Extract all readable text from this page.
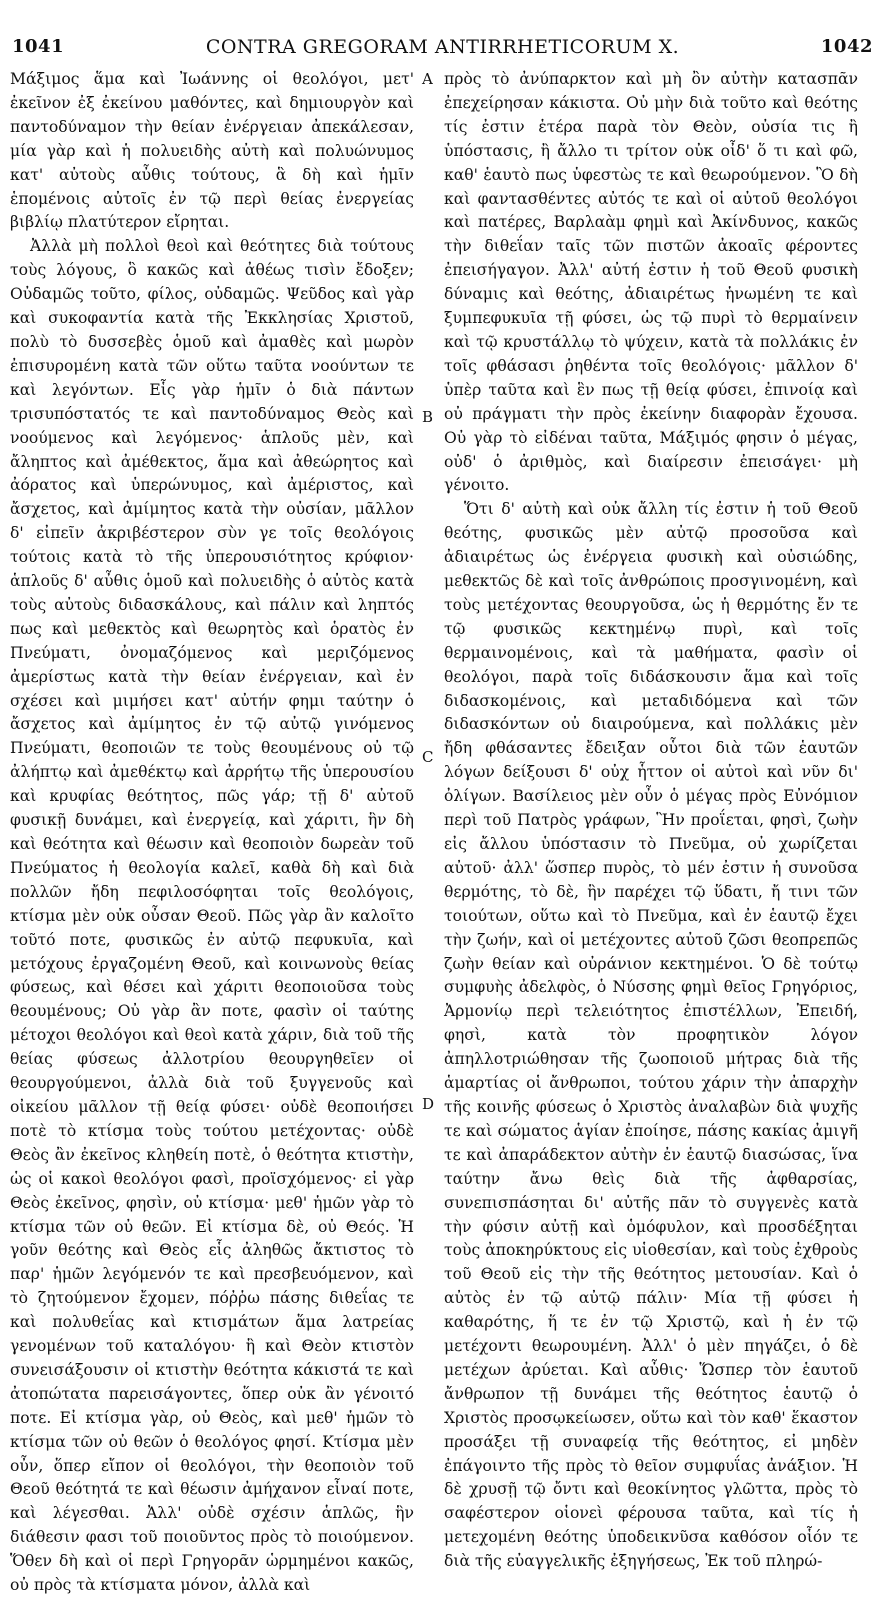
1041	CONTRA GREGORAM ANTIRRHETICORUM X.	1042

Μάξιμος ἅμα καὶ Ἰωάννης οἱ θεολόγοι, μετ' ἐκεῖνον ἐξ ἐκείνου μαθόντες, καὶ δημιουργὸν καὶ παντοδύναμον τὴν θείαν ἐνέργειαν ἀπεκάλεσαν, μία γὰρ καὶ ἡ πολυειδὴς αὐτὴ καὶ πολυώνυμος κατ' αὐτοὺς αὖθις τούτους, ἃ δὴ καὶ ἡμῖν ἑπομένοις αὐτοῖς ἐν τῷ περὶ θείας ἐνεργείας βιβλίῳ πλατύτερον εἴρηται.

Ἀλλὰ μὴ πολλοὶ θεοὶ καὶ θεότητες διὰ τούτους τοὺς λόγους, ὃ κακῶς καὶ ἀθέως τισὶν ἔδοξεν; Οὐδαμῶς τοῦτο, φίλος, οὐδαμῶς. Ψεῦδος καὶ γὰρ καὶ συκοφαντία κατὰ τῆς Ἐκκλησίας Χριστοῦ, πολὺ τὸ δυσσεβὲς ὁμοῦ καὶ ἀμαθὲς καὶ μωρὸν ἐπισυρομένη κατὰ τῶν οὕτω ταῦτα νοούντων τε καὶ λεγόντων. Εἷς γὰρ ἡμῖν ὁ διὰ πάντων τρισυπόστατός τε καὶ παντοδύναμος Θεὸς καὶ νοούμενος καὶ λεγόμενος· ἁπλοῦς μὲν, καὶ ἄληπτος καὶ ἀμέθεκτος, ἅμα καὶ ἀθεώρητος καὶ ἀόρατος καὶ ὑπερώνυμος, καὶ ἀμέριστος, καὶ ἄσχετος, καὶ ἀμίμητος κατὰ τὴν οὐσίαν, μᾶλλον δ' εἰπεῖν ἀκριβέστερον σὺν γε τοῖς θεολόγοις τούτοις κατὰ τὸ τῆς ὑπερουσιότητος κρύφιον· ἁπλοῦς δ' αὖθις ὁμοῦ καὶ πολυειδὴς ὁ αὐτὸς κατὰ τοὺς αὐτοὺς διδασκάλους, καὶ πάλιν καὶ ληπτός πως καὶ μεθεκτὸς καὶ θεωρητὸς καὶ ὁρατὸς ἐν Πνεύματι, ὀνομαζόμενος καὶ μεριζόμενος ἀμερίστως κατὰ τὴν θείαν ἐνέργειαν, καὶ ἐν σχέσει καὶ μιμήσει κατ' αὐτήν φημι ταύτην ὁ ἄσχετος καὶ ἀμίμητος ἐν τῷ αὐτῷ γινόμενος Πνεύματι, θεοποιῶν τε τοὺς θεουμένους οὐ τῷ ἀλήπτῳ καὶ ἀμεθέκτῳ καὶ ἀρρήτῳ τῆς ὑπερουσίου καὶ κρυφίας θεότητος, πῶς γάρ; τῇ δ' αὐτοῦ φυσικῇ δυνάμει, καὶ ἐνεργείᾳ, καὶ χάριτι, ἣν δὴ καὶ θεότητα καὶ θέωσιν καὶ θεοποιὸν δωρεὰν τοῦ Πνεύματος ἡ θεολογία καλεῖ, καθὰ δὴ καὶ διὰ πολλῶν ἤδη πεφιλοσόφηται τοῖς θεολόγοις, κτίσμα μὲν οὐκ οὖσαν Θεοῦ. Πῶς γὰρ ἂν καλοῖτο τοῦτό ποτε, φυσικῶς ἐν αὐτῷ πεφυκυῖα, καὶ μετόχους ἐργαζομένη Θεοῦ, καὶ κοινωνοὺς θείας φύσεως, καὶ θέσει καὶ χάριτι θεοποιοῦσα τοὺς θεουμένους; Οὐ γὰρ ἂν ποτε, φασὶν οἱ ταύτης μέτοχοι θεολόγοι καὶ θεοὶ κατὰ χάριν, διὰ τοῦ τῆς θείας φύσεως ἀλλοτρίου θεουργηθεῖεν οἱ θεουργούμενοι, ἀλλὰ διὰ τοῦ ξυγγενοῦς καὶ οἰκείου μᾶλλον τῇ θείᾳ φύσει· οὐδὲ θεοποιήσει ποτὲ τὸ κτίσμα τοὺς τούτου μετέχοντας· οὐδὲ Θεὸς ἂν ἐκεῖνος κληθείη ποτὲ, ὁ θεότητα κτιστὴν, ὡς οἱ κακοὶ θεολόγοι φασὶ, προϊσχόμενος· εἰ γὰρ Θεὸς ἐκεῖνος, φησὶν, οὐ κτίσμα· μεθ' ἡμῶν γὰρ τὸ κτίσμα τῶν οὐ θεῶν. Εἰ κτίσμα δὲ, οὐ Θεός. Ἡ γοῦν θεότης καὶ Θεὸς εἷς ἀληθῶς ἄκτιστος τὸ παρ' ἡμῶν λεγόμενόν τε καὶ πρεσβευόμενον, καὶ τὸ ζητούμενον ἔχομεν, πόῤῥω πάσης διθεΐας τε καὶ πολυθεΐας καὶ κτισμάτων ἅμα λατρείας γενομένων τοῦ καταλόγου· ἣ καὶ Θεὸν κτιστὸν συνεισάξουσιν οἱ κτιστὴν θεότητα κάκιστά τε καὶ ἀτοπώτατα παρεισάγοντες, ὅπερ οὐκ ἂν γένοιτό ποτε. Εἰ κτίσμα γὰρ, οὐ Θεὸς, καὶ μεθ' ἡμῶν τὸ κτίσμα τῶν οὐ θεῶν ὁ θεολόγος φησί. Κτίσμα μὲν οὖν, ὅπερ εἴπον οἱ θεολόγοι, τὴν θεοποιὸν τοῦ Θεοῦ θεότητά τε καὶ θέωσιν ἀμήχανον εἶναί ποτε, καὶ λέγεσθαι. Ἀλλ' οὐδὲ σχέσιν ἁπλῶς, ἣν διάθεσιν φασι τοῦ ποιοῦντος πρὸς τὸ ποιούμενον. Ὅθεν δὴ καὶ οἱ περὶ Γρηγορᾶν ὡρμημένοι κακῶς, οὐ πρὸς τὰ κτίσματα μόνον, ἀλλὰ καὶ

A
B
C
D

πρὸς τὸ ἀνύπαρκτον καὶ μὴ ὂν αὐτὴν κατασπᾶν ἐπεχείρησαν κάκιστα. Οὐ μὴν διὰ τοῦτο καὶ θεότης τίς ἐστιν ἑτέρα παρὰ τὸν Θεὸν, οὐσία τις ἢ ὑπόστασις, ἢ ἄλλο τι τρίτον οὐκ οἶδ' ὅ τι καὶ φῶ, καθ' ἑαυτὸ πως ὑφεστὼς τε καὶ θεωρούμενον. Ὃ δὴ καὶ φαντασθέντες αὐτός τε καὶ οἱ αὐτοῦ θεολόγοι καὶ πατέρες, Βαρλαὰμ φημὶ καὶ Ἀκίνδυνος, κακῶς τὴν διθεΐαν ταῖς τῶν πιστῶν ἀκοαῖς φέροντες ἐπεισήγαγον. Ἀλλ' αὐτή ἐστιν ἡ τοῦ Θεοῦ φυσικὴ δύναμις καὶ θεότης, ἀδιαιρέτως ἡνωμένη τε καὶ ξυμπεφυκυῖα τῇ φύσει, ὡς τῷ πυρὶ τὸ θερμαίνειν καὶ τῷ κρυστάλλῳ τὸ ψύχειν, κατὰ τὰ πολλάκις ἐν τοῖς φθάσασι ῥηθέντα τοῖς θεολόγοις· μᾶλλον δ' ὑπὲρ ταῦτα καὶ ἓν πως τῇ θείᾳ φύσει, ἐπινοίᾳ καὶ οὐ πράγματι τὴν πρὸς ἐκείνην διαφορὰν ἔχουσα. Οὐ γὰρ τὸ εἰδέναι ταῦτα, Μάξιμός φησιν ὁ μέγας, οὐδ' ὁ ἀριθμὸς, καὶ διαίρεσιν ἐπεισάγει· μὴ γένοιτο.

Ὅτι δ' αὐτὴ καὶ οὐκ ἄλλη τίς ἐστιν ἡ τοῦ Θεοῦ θεότης, φυσικῶς μὲν αὐτῷ προσοῦσα καὶ ἀδιαιρέτως ὡς ἐνέργεια φυσικὴ καὶ οὐσιώδης, μεθεκτῶς δὲ καὶ τοῖς ἀνθρώποις προσγινομένη, καὶ τοὺς μετέχοντας θεουργοῦσα, ὡς ἡ θερμότης ἔν τε τῷ φυσικῶς κεκτημένῳ πυρὶ, καὶ τοῖς θερμαινομένοις, καὶ τὰ μαθήματα, φασὶν οἱ θεολόγοι, παρὰ τοῖς διδάσκουσιν ἅμα καὶ τοῖς διδασκομένοις, καὶ μεταδιδόμενα καὶ τῶν διδασκόντων οὐ διαιρούμενα, καὶ πολλάκις μὲν ἤδη φθάσαντες ἔδειξαν οὗτοι διὰ τῶν ἑαυτῶν λόγων δείξουσι δ' οὐχ ἧττον οἱ αὐτοὶ καὶ νῦν δι' ὀλίγων. Βασίλειος μὲν οὖν ὁ μέγας πρὸς Εὐνόμιον περὶ τοῦ Πατρὸς γράφων, Ἣν προΐεται, φησὶ, ζωὴν εἰς ἄλλου ὑπόστασιν τὸ Πνεῦμα, οὐ χωρίζεται αὐτοῦ· ἀλλ' ὥσπερ πυρὸς, τὸ μέν ἐστιν ἡ συνοῦσα θερμότης, τὸ δὲ, ἣν παρέχει τῷ ὕδατι, ἤ τινι τῶν τοιούτων, οὕτω καὶ τὸ Πνεῦμα, καὶ ἐν ἑαυτῷ ἔχει τὴν ζωήν, καὶ οἱ μετέχοντες αὐτοῦ ζῶσι θεοπρεπῶς ζωὴν θείαν καὶ οὐράνιον κεκτημένοι. Ὁ δὲ τούτῳ συμφυὴς ἀδελφὸς, ὁ Νύσσης φημὶ θεῖος Γρηγόριος, Ἀρμονίῳ περὶ τελειότητος ἐπιστέλλων, Ἐπειδή, φησὶ, κατὰ τὸν προφητικὸν λόγον ἀπηλλοτριώθησαν τῆς ζωοποιοῦ μήτρας διὰ τῆς ἁμαρτίας οἱ ἄνθρωποι, τούτου χάριν τὴν ἀπαρχὴν τῆς κοινῆς φύσεως ὁ Χριστὸς ἀναλαβὼν διὰ ψυχῆς τε καὶ σώματος ἁγίαν ἐποίησε, πάσης κακίας ἀμιγῆ τε καὶ ἀπαράδεκτον αὐτὴν ἐν ἑαυτῷ διασώσας, ἵνα ταύτην ἄνω θεὶς διὰ τῆς ἀφθαρσίας, συνεπισπάσηται δι' αὐτῆς πᾶν τὸ συγγενὲς κατὰ τὴν φύσιν αὐτῇ καὶ ὁμόφυλον, καὶ προσδέξηται τοὺς ἀποκηρύκτους εἰς υἱοθεσίαν, καὶ τοὺς ἐχθροὺς τοῦ Θεοῦ εἰς τὴν τῆς θεότητος μετουσίαν. Καὶ ὁ αὐτὸς ἐν τῷ αὐτῷ πάλιν· Μία τῇ φύσει ἡ καθαρότης, ἥ τε ἐν τῷ Χριστῷ, καὶ ἡ ἐν τῷ μετέχοντι θεωρουμένη. Ἀλλ' ὁ μὲν πηγάζει, ὁ δὲ μετέχων ἀρύεται. Καὶ αὖθις· Ὥσπερ τὸν ἑαυτοῦ ἄνθρωπον τῇ δυνάμει τῆς θεότητος ἑαυτῷ ὁ Χριστὸς προσῳκείωσεν, οὕτω καὶ τὸν καθ' ἕκαστον προσάξει τῇ συναφείᾳ τῆς θεότητος, εἰ μηδὲν ἐπάγοιντο τῆς πρὸς τὸ θεῖον συμφυΐας ἀνάξιον. Ἡ δὲ χρυσῇ τῷ ὄντι καὶ θεοκίνητος γλῶττα, πρὸς τὸ σαφέστερον οἱονεὶ φέρουσα ταῦτα, καὶ τίς ἡ μετεχομένη θεότης ὑποδεικνῦσα καθόσον οἷόν τε διὰ τῆς εὐαγγελικῆς ἐξηγήσεως, Ἐκ τοῦ πληρώ-
